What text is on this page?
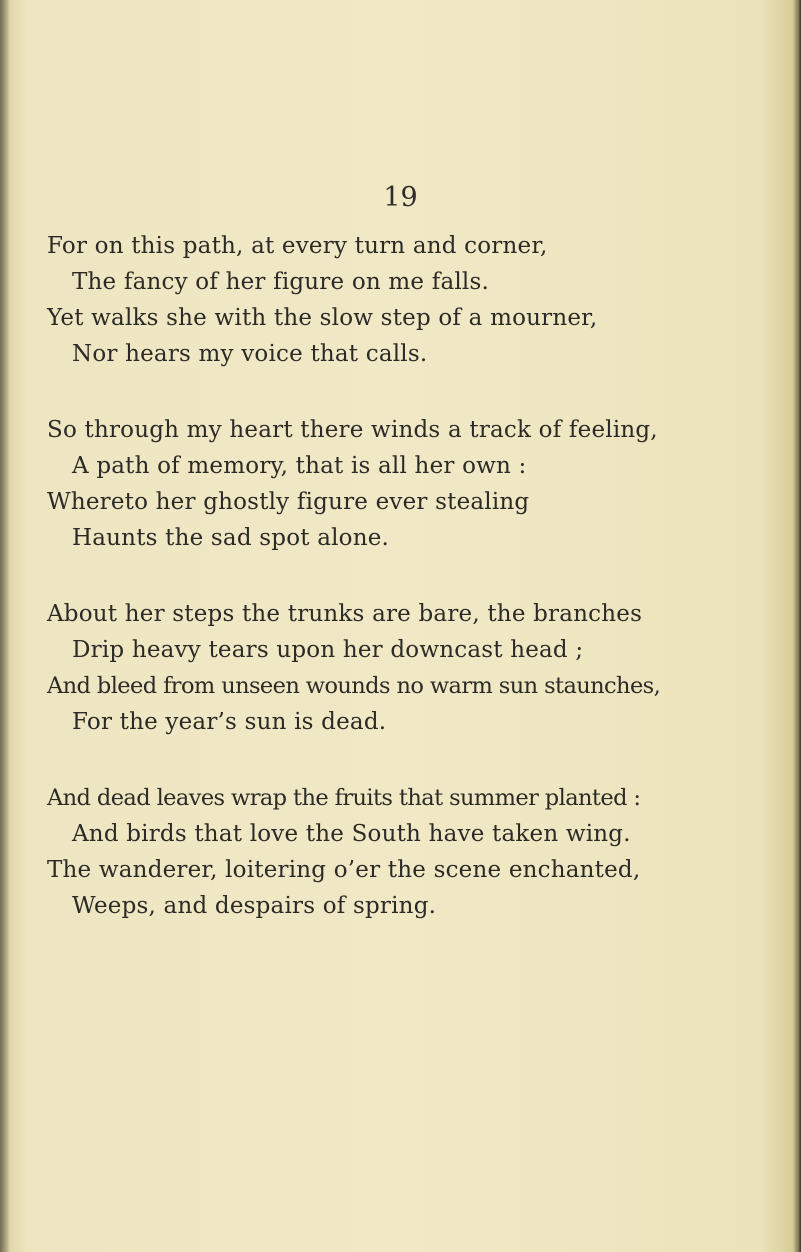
19
For on this path, at every turn and corner,
The fancy of her figure on me falls.
Yet walks she with the slow step of a mourner,
Nor hears my voice that calls.
So through my heart there winds a track of feeling,
A path of memory, that is all her own :
Whereto her ghostly figure ever stealing
Haunts the sad spot alone.
About her steps the trunks are bare, the branches
Drip heavy tears upon her downcast head ;
And bleed from unseen wounds no warm sun staunches,
For the year’s sun is dead.
And dead leaves wrap the fruits that summer planted :
And birds that love the South have taken wing.
The wanderer, loitering o’er the scene enchanted,
Weeps, and despairs of spring.
